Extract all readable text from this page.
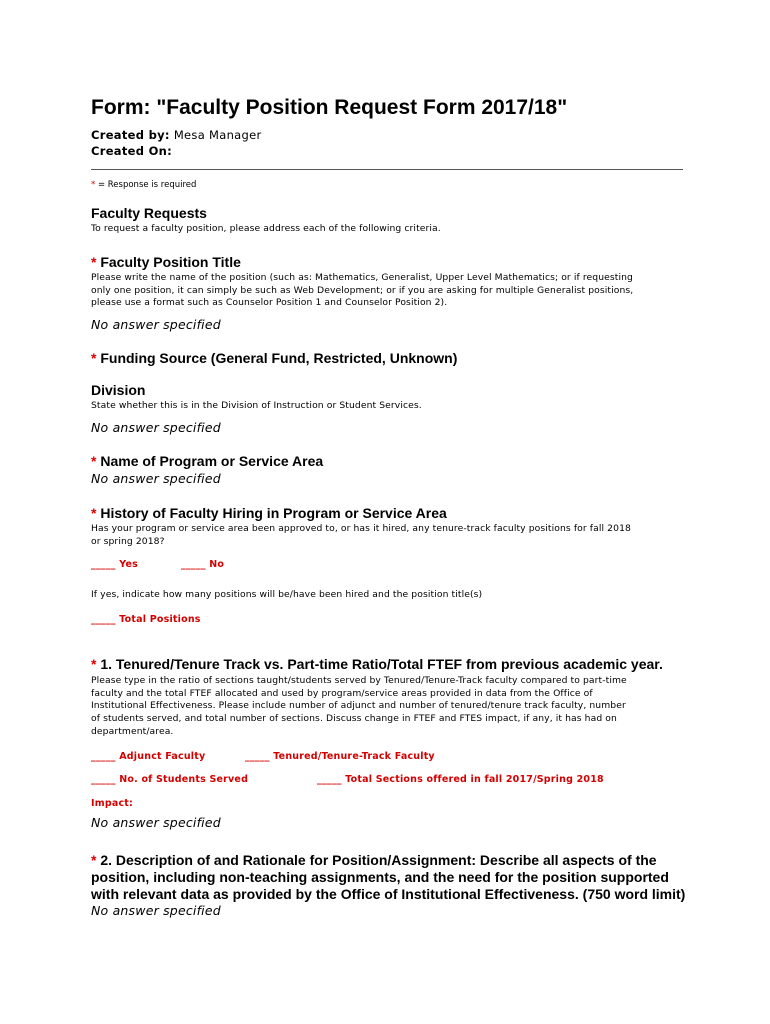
Form: "Faculty Position Request Form 2017/18"
Created by: Mesa Manager
Created On:
* = Response is required
Faculty Requests
To request a faculty position, please address each of the following criteria.
* Faculty Position Title
Please write the name of the position (such as: Mathematics, Generalist, Upper Level Mathematics; or if requesting
only one position, it can simply be such as Web Development; or if you are asking for multiple Generalist positions,
please use a format such as Counselor Position 1 and Counselor Position 2).
No answer specified
* Funding Source (General Fund, Restricted, Unknown)
Division
State whether this is in the Division of Instruction or Student Services.
No answer specified
* Name of Program or Service Area
No answer specified
* History of Faculty Hiring in Program or Service Area
Has your program or service area been approved to, or has it hired, any tenure-track faculty positions for fall 2018
or spring 2018?
_____ Yes	_____ No
If yes, indicate how many positions will be/have been hired and the position title(s)
_____ Total Positions
* 1. Tenured/Tenure Track vs. Part-time Ratio/Total FTEF from previous academic year.
Please type in the ratio of sections taught/students served by Tenured/Tenure-Track faculty compared to part-time
faculty and the total FTEF allocated and used by program/service areas provided in data from the Office of
Institutional Effectiveness. Please include number of adjunct and number of tenured/tenure track faculty, number
of students served, and total number of sections. Discuss change in FTEF and FTES impact, if any, it has had on
department/area.
_____ Adjunct Faculty	_____ Tenured/Tenure-Track Faculty
_____ No. of Students Served	_____ Total Sections offered in fall 2017/Spring 2018
Impact:
No answer specified
* 2. Description of and Rationale for Position/Assignment: Describe all aspects of the
position, including non-teaching assignments, and the need for the position supported
with relevant data as provided by the Office of Institutional Effectiveness. (750 word limit)
No answer specified
